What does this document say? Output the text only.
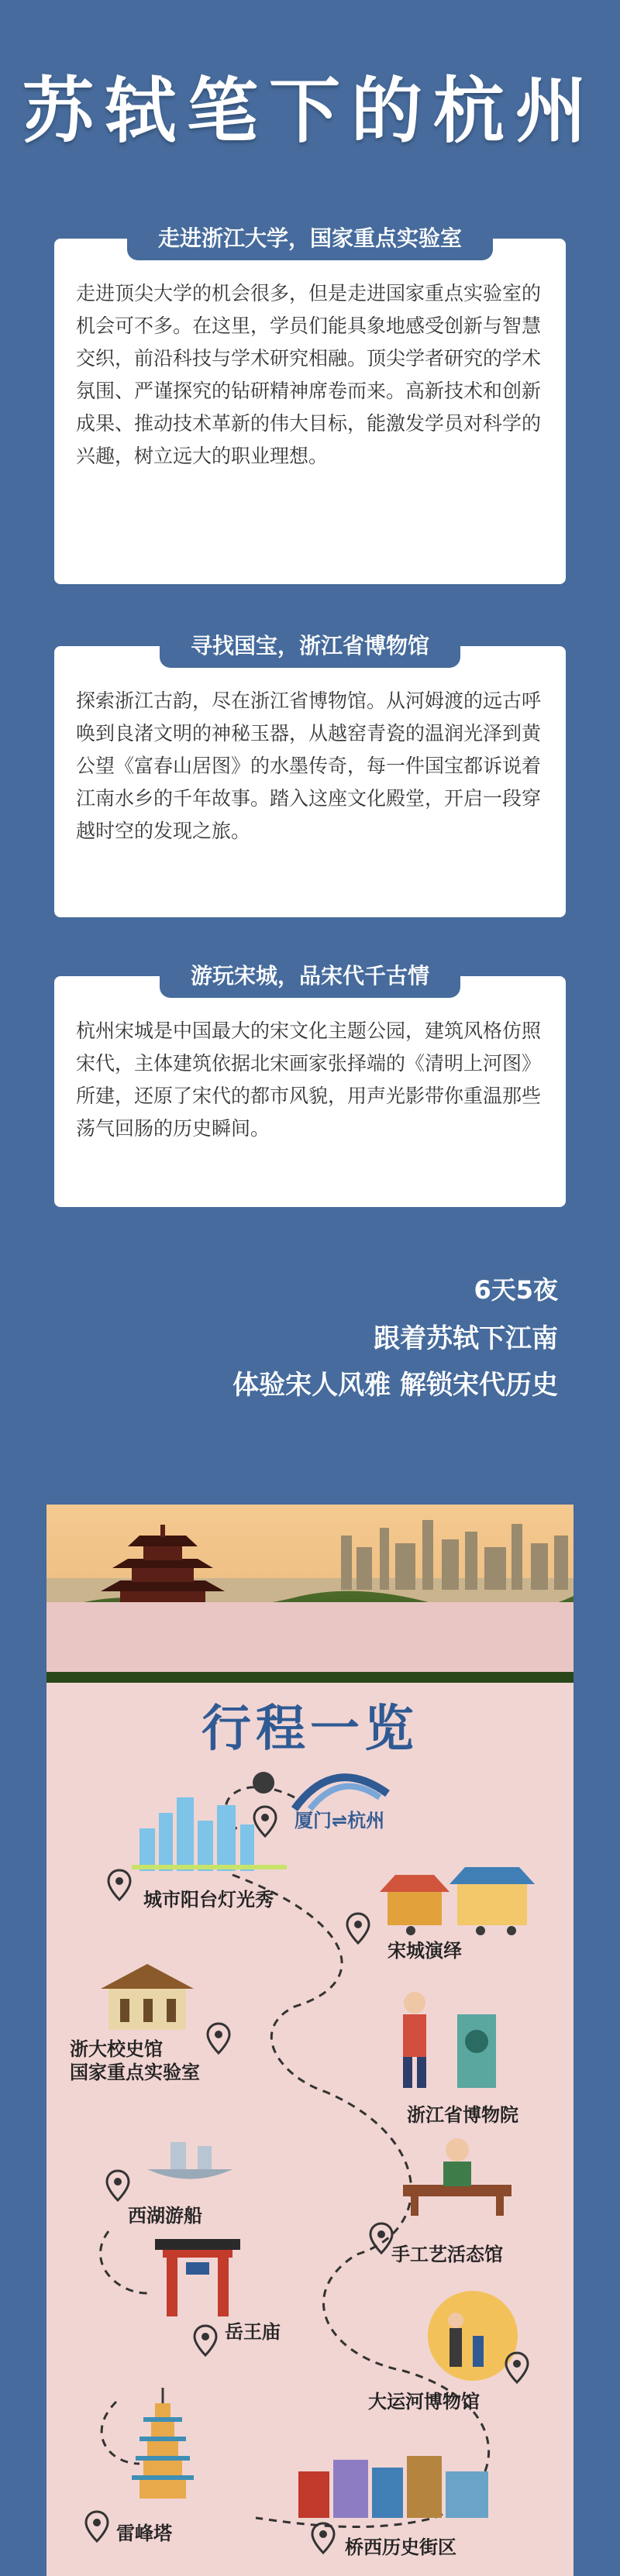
苏轼笔下的杭州
走进浙江大学，国家重点实验室
走进顶尖大学的机会很多，但是走进国家重点实验室的机会可不多。在这里，学员们能具象地感受创新与智慧交织，前沿科技与学术研究相融。顶尖学者研究的学术氛围、严谨探究的钻研精神席卷而来。高新技术和创新成果、推动技术革新的伟大目标，能激发学员对科学的兴趣，树立远大的职业理想。
寻找国宝，浙江省博物馆
探索浙江古韵，尽在浙江省博物馆。从河姆渡的远古呼唤到良渚文明的神秘玉器，从越窑青瓷的温润光泽到黄公望《富春山居图》的水墨传奇，每一件国宝都诉说着江南水乡的千年故事。踏入这座文化殿堂，开启一段穿越时空的发现之旅。
游玩宋城，品宋代千古情
杭州宋城是中国最大的宋文化主题公园，建筑风格仿照宋代，主体建筑依据北宋画家张择端的《清明上河图》所建，还原了宋代的都市风貌，用声光影带你重温那些荡气回肠的历史瞬间。
6天5夜
跟着苏轼下江南
体验宋人风雅 解锁宋代历史
行程一览
厦门⇌杭州
城市阳台灯光秀
宋城演绎
浙大校史馆
国家重点实验室
浙江省博物院
西湖游船
手工艺活态馆
岳王庙
大运河博物馆
雷峰塔
桥西历史街区
